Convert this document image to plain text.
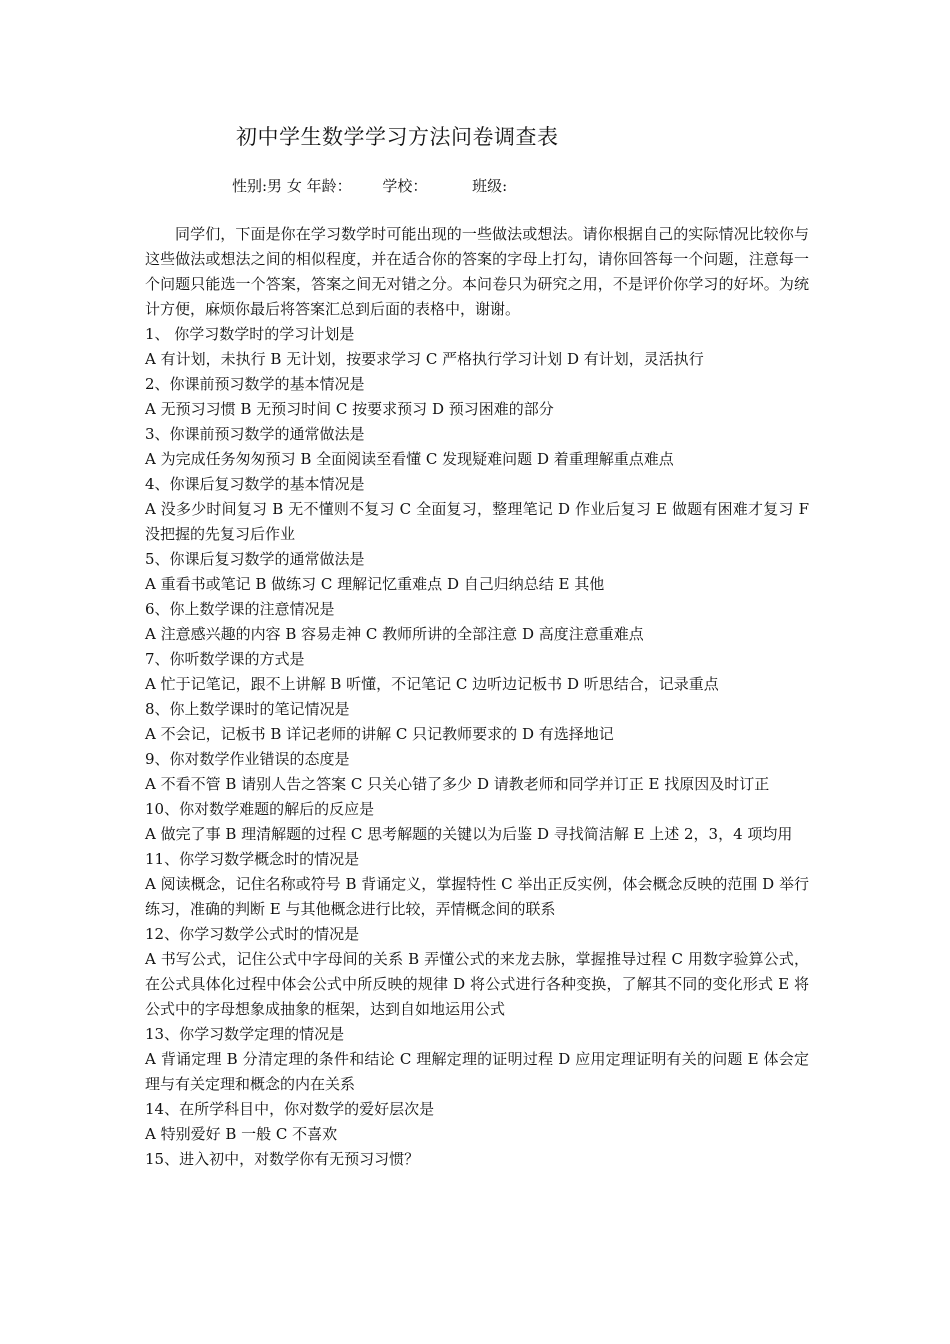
初中学生数学学习方法问卷调查表
性别:男 女 年龄： 学校：	班级:

同学们，下面是你在学习数学时可能出现的一些做法或想法。请你根据自己的实际情况比较你与这些做法或想法之间的相似程度，并在适合你的答案的字母上打勾，请你回答每一个问题，注意每一个问题只能选一个答案，答案之间无对错之分。本问卷只为研究之用，不是评价你学习的好坏。为统计方便，麻烦你最后将答案汇总到后面的表格中，谢谢。

1、 你学习数学时的学习计划是
A 有计划，未执行 B 无计划，按要求学习 C 严格执行学习计划 D 有计划，灵活执行
2、你课前预习数学的基本情况是
A 无预习习惯 B 无预习时间 C 按要求预习 D 预习困难的部分
3、你课前预习数学的通常做法是
A 为完成任务匆匆预习 B 全面阅读至看懂 C 发现疑难问题 D 着重理解重点难点
4、你课后复习数学的基本情况是
A 没多少时间复习 B 无不懂则不复习 C 全面复习，整理笔记 D 作业后复习 E 做题有困难才复习 F 没把握的先复习后作业
5、你课后复习数学的通常做法是
A 重看书或笔记 B 做练习 C 理解记忆重难点 D 自己归纳总结 E 其他
6、你上数学课的注意情况是
A 注意感兴趣的内容 B 容易走神 C 教师所讲的全部注意 D 高度注意重难点
7、你听数学课的方式是
A 忙于记笔记，跟不上讲解 B 听懂，不记笔记 C 边听边记板书 D 听思结合，记录重点
8、你上数学课时的笔记情况是
A 不会记，记板书 B 详记老师的讲解 C 只记教师要求的 D 有选择地记
9、你对数学作业错误的态度是
A 不看不管 B 请别人告之答案 C 只关心错了多少 D 请教老师和同学并订正 E 找原因及时订正
10、你对数学难题的解后的反应是
A 做完了事 B 理清解题的过程 C 思考解题的关键以为后鉴 D 寻找简洁解 E 上述 2，3，4 项均用
11、你学习数学概念时的情况是
A 阅读概念，记住名称或符号 B 背诵定义，掌握特性 C 举出正反实例，体会概念反映的范围 D 举行练习，准确的判断 E 与其他概念进行比较，弄情概念间的联系
12、你学习数学公式时的情况是
A 书写公式，记住公式中字母间的关系 B 弄懂公式的来龙去脉，掌握推导过程 C 用数字验算公式，在公式具体化过程中体会公式中所反映的规律 D 将公式进行各种变换，了解其不同的变化形式 E 将公式中的字母想象成抽象的框架，达到自如地运用公式
13、你学习数学定理的情况是
A 背诵定理 B 分清定理的条件和结论 C 理解定理的证明过程 D 应用定理证明有关的问题 E 体会定理与有关定理和概念的内在关系
14、在所学科目中，你对数学的爱好层次是
A 特别爱好 B 一般 C 不喜欢
15、进入初中，对数学你有无预习习惯？
